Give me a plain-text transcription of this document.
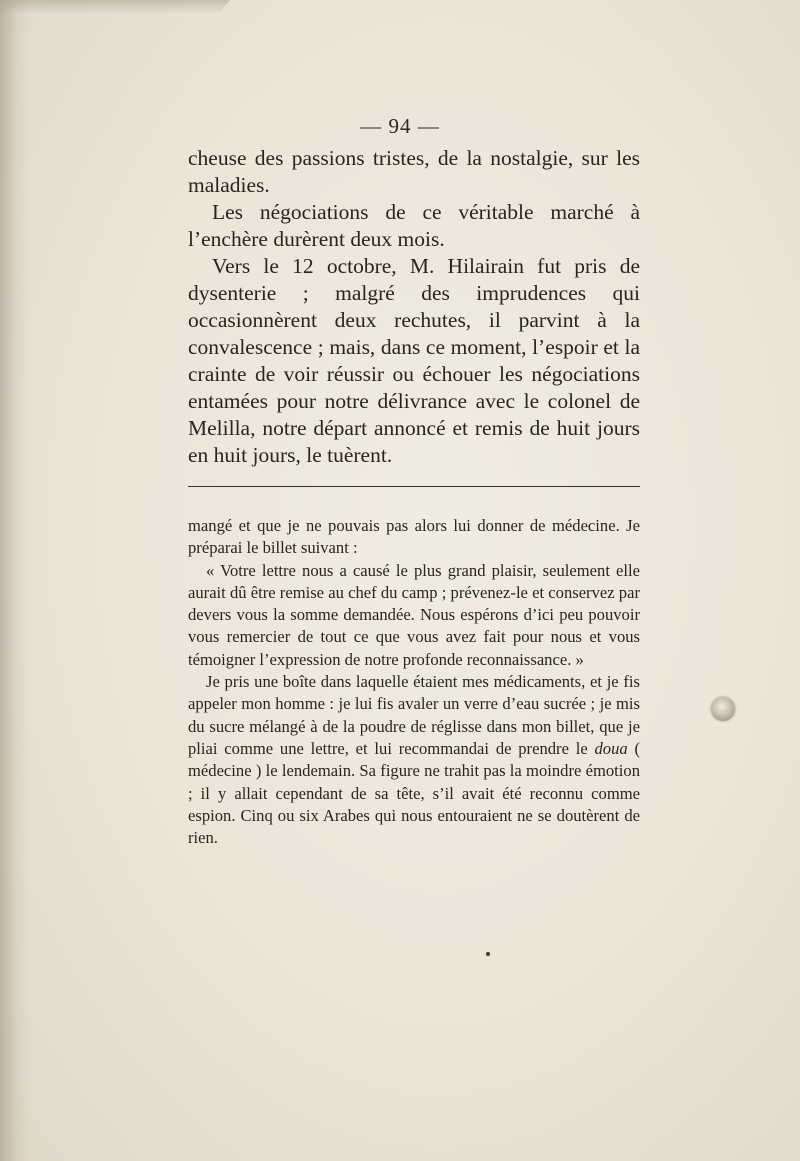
— 94 —

cheuse des passions tristes, de la nostalgie, sur les maladies.

Les négociations de ce véritable marché à l’enchère durèrent deux mois.

Vers le 12 octobre, M. Hilairain fut pris de dysenterie ; malgré des imprudences qui occasionnèrent deux rechutes, il parvint à la convalescence ; mais, dans ce moment, l’espoir et la crainte de voir réussir ou échouer les négociations entamées pour notre délivrance avec le colonel de Melilla, notre départ annoncé et remis de huit jours en huit jours, le tuèrent.

mangé et que je ne pouvais pas alors lui donner de médecine. Je préparai le billet suivant :

« Votre lettre nous a causé le plus grand plaisir, seulement elle aurait dû être remise au chef du camp ; prévenez-le et conservez par devers vous la somme demandée. Nous espérons d’ici peu pouvoir vous remercier de tout ce que vous avez fait pour nous et vous témoigner l’expression de notre profonde reconnaissance. »

Je pris une boîte dans laquelle étaient mes médicaments, et je fis appeler mon homme : je lui fis avaler un verre d’eau sucrée ; je mis du sucre mélangé à de la poudre de réglisse dans mon billet, que je pliai comme une lettre, et lui recommandai de prendre le doua ( médecine ) le lendemain. Sa figure ne trahit pas la moindre émotion ; il y allait cependant de sa tête, s’il avait été reconnu comme espion. Cinq ou six Arabes qui nous entouraient ne se doutèrent de rien.
